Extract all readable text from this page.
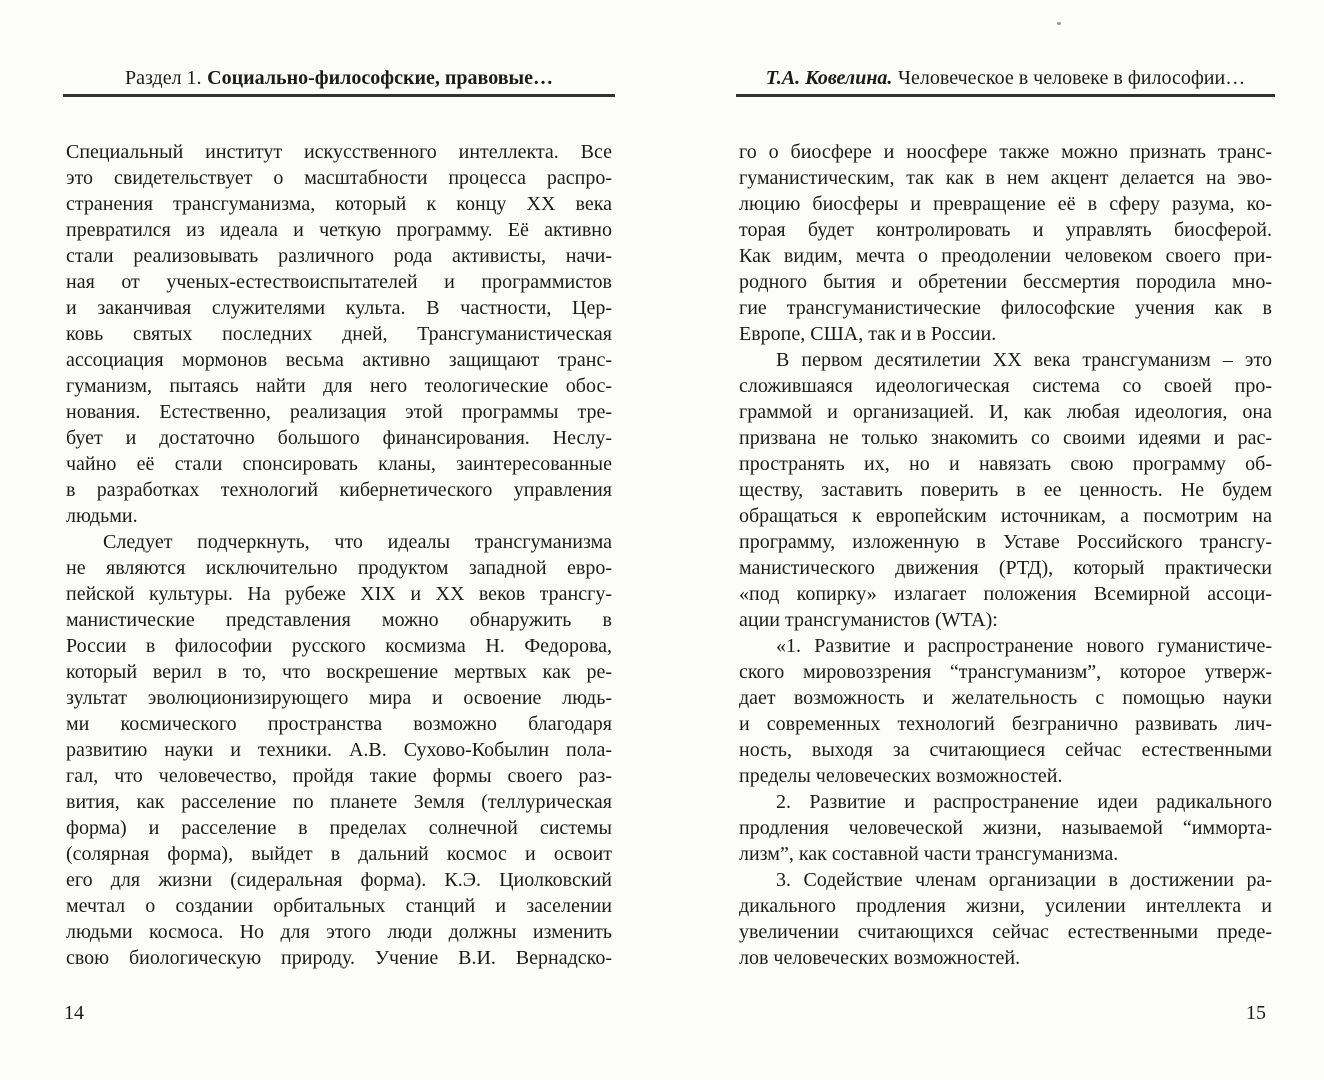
Раздел 1. Социально-философские, правовые…
Специальный институт искусственного интеллекта. Все
это свидетельствует о масштабности процесса распро-
странения трансгуманизма, который к концу ХХ века
превратился из идеала и четкую программу. Её активно
стали реализовывать различного рода активисты, начи-
ная от ученых-естествоиспытателей и программистов
и заканчивая служителями культа. В частности, Цер-
ковь святых последних дней, Трансгуманистическая
ассоциация мормонов весьма активно защищают транс-
гуманизм, пытаясь найти для него теологические обос-
нования. Естественно, реализация этой программы тре-
бует и достаточно большого финансирования. Неслу-
чайно её стали спонсировать кланы, заинтересованные
в разработках технологий кибернетического управления
людьми.
Следует подчеркнуть, что идеалы трансгуманизма
не являются исключительно продуктом западной евро-
пейской культуры. На рубеже XIX и XX веков трансгу-
манистические представления можно обнаружить в
России в философии русского космизма Н. Федорова,
который верил в то, что воскрешение мертвых как ре-
зультат эволюционизирующего мира и освоение людь-
ми космического пространства возможно благодаря
развитию науки и техники. А.В. Сухово-Кобылин пола-
гал, что человечество, пройдя такие формы своего раз-
вития, как расселение по планете Земля (теллурическая
форма) и расселение в пределах солнечной системы
(солярная форма), выйдет в дальний космос и освоит
его для жизни (сидеральная форма). К.Э. Циолковский
мечтал о создании орбитальных станций и заселении
людьми космоса. Но для этого люди должны изменить
свою биологическую природу. Учение В.И. Вернадско-
14
Т.А. Ковелина. Человеческое в человеке в философии…
го о биосфере и ноосфере также можно признать транс-
гуманистическим, так как в нем акцент делается на эво-
люцию биосферы и превращение её в сферу разума, ко-
торая будет контролировать и управлять биосферой.
Как видим, мечта о преодолении человеком своего при-
родного бытия и обретении бессмертия породила мно-
гие трансгуманистические философские учения как в
Европе, США, так и в России.
В первом десятилетии ХХ века трансгуманизм – это
сложившаяся идеологическая система со своей про-
граммой и организацией. И, как любая идеология, она
призвана не только знакомить со своими идеями и рас-
пространять их, но и навязать свою программу об-
ществу, заставить поверить в ее ценность. Не будем
обращаться к европейским источникам, а посмотрим на
программу, изложенную в Уставе Российского трансгу-
манистического движения (РТД), который практически
«под копирку» излагает положения Всемирной ассоци-
ации трансгуманистов (WTA):
«1. Развитие и распространение нового гуманистиче-
ского мировоззрения “трансгуманизм”, которое утверж-
дает возможность и желательность с помощью науки
и современных технологий безгранично развивать лич-
ность, выходя за считающиеся сейчас естественными
пределы человеческих возможностей.
2. Развитие и распространение идеи радикального
продления человеческой жизни, называемой “имморта-
лизм”, как составной части трансгуманизма.
3. Содействие членам организации в достижении ра-
дикального продления жизни, усилении интеллекта и
увеличении считающихся сейчас естественными преде-
лов человеческих возможностей.
15
